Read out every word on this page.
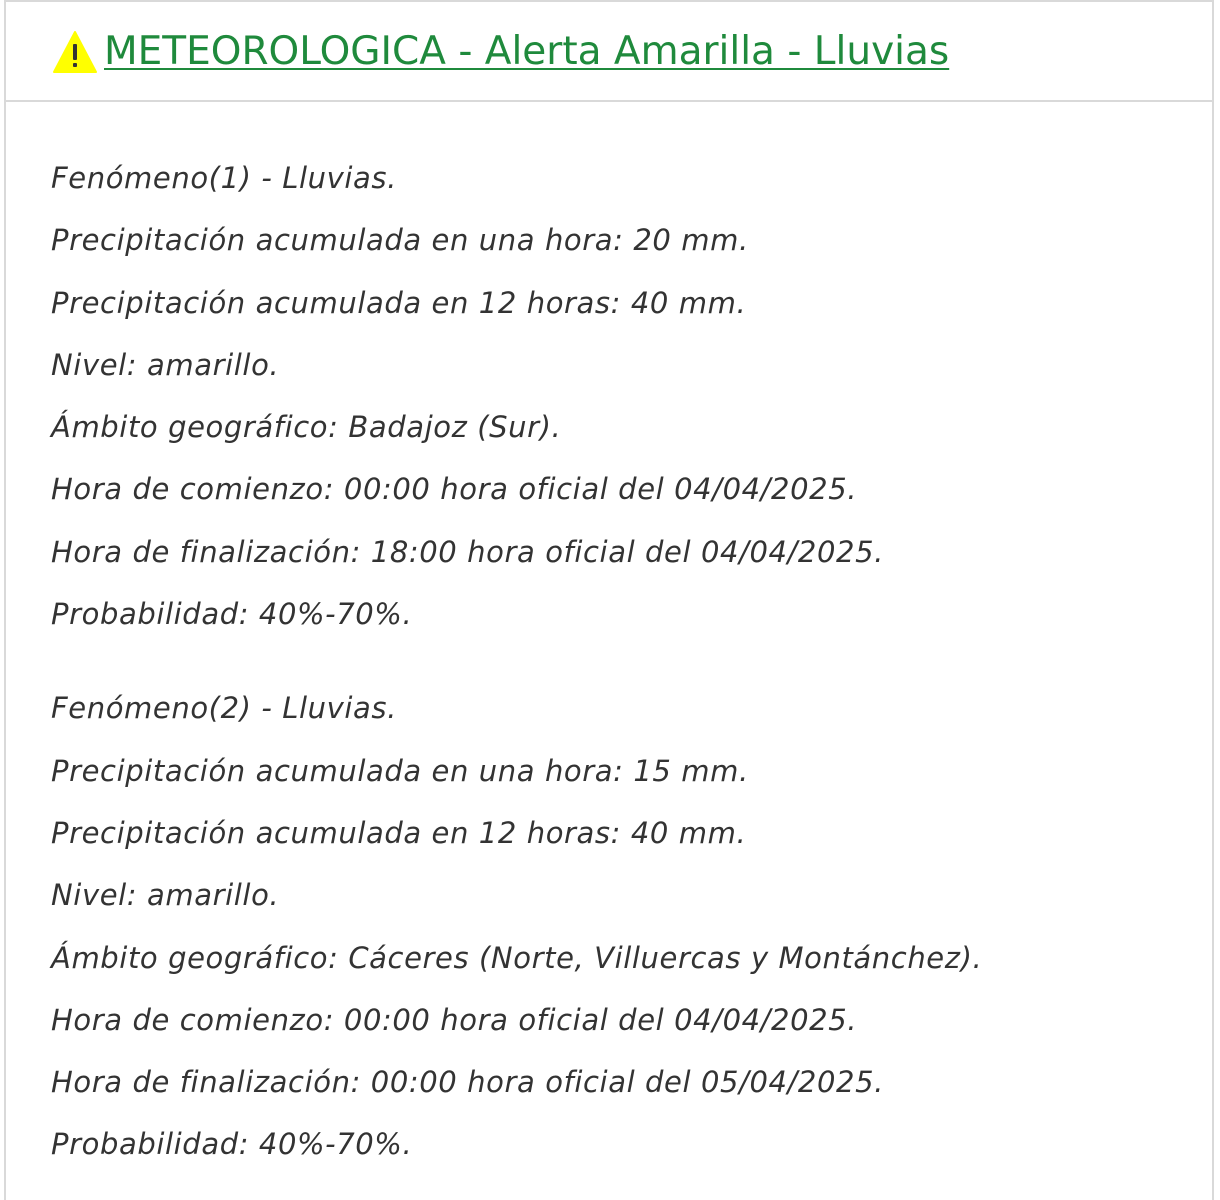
METEOROLOGICA - Alerta Amarilla - Lluvias
Fenómeno(1) - Lluvias.
Precipitación acumulada en una hora: 20 mm.
Precipitación acumulada en 12 horas: 40 mm.
Nivel: amarillo.
Ámbito geográfico: Badajoz (Sur).
Hora de comienzo: 00:00 hora oficial del 04/04/2025.
Hora de finalización: 18:00 hora oficial del 04/04/2025.
Probabilidad: 40%-70%.
Fenómeno(2) - Lluvias.
Precipitación acumulada en una hora: 15 mm.
Precipitación acumulada en 12 horas: 40 mm.
Nivel: amarillo.
Ámbito geográfico: Cáceres (Norte, Villuercas y Montánchez).
Hora de comienzo: 00:00 hora oficial del 04/04/2025.
Hora de finalización: 00:00 hora oficial del 05/04/2025.
Probabilidad: 40%-70%.
